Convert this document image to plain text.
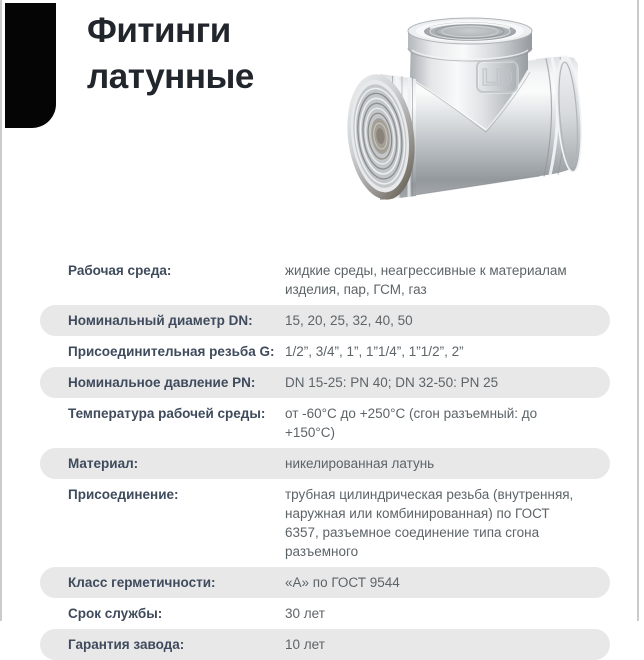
Фитинги
латунные	LD
Рабочая среда:	жидкие среды, неагрессивные к материалам изделия, пар, ГСМ, газ
Номинальный диаметр DN:	15, 20, 25, 32, 40, 50
Присоединительная резьба G: 1/2”, 3/4”, 1”, 1”1/4”, 1”1/2”, 2”
Номинальное давление PN:	DN 15-25: PN 40; DN 32-50: PN 25
Температура рабочей среды:	от -60°C до +250°C (сгон разъемный: до +150°C)
Материал:	никелированная латунь
Присоединение:	трубная цилиндрическая резьба (внутренняя, наружная или комбинированная) по ГОСТ 6357, разъемное соединение типа сгона разъемного
Класс герметичности:	«А» по ГОСТ 9544
Срок службы:	30 лет
Гарантия завода:	10 лет
